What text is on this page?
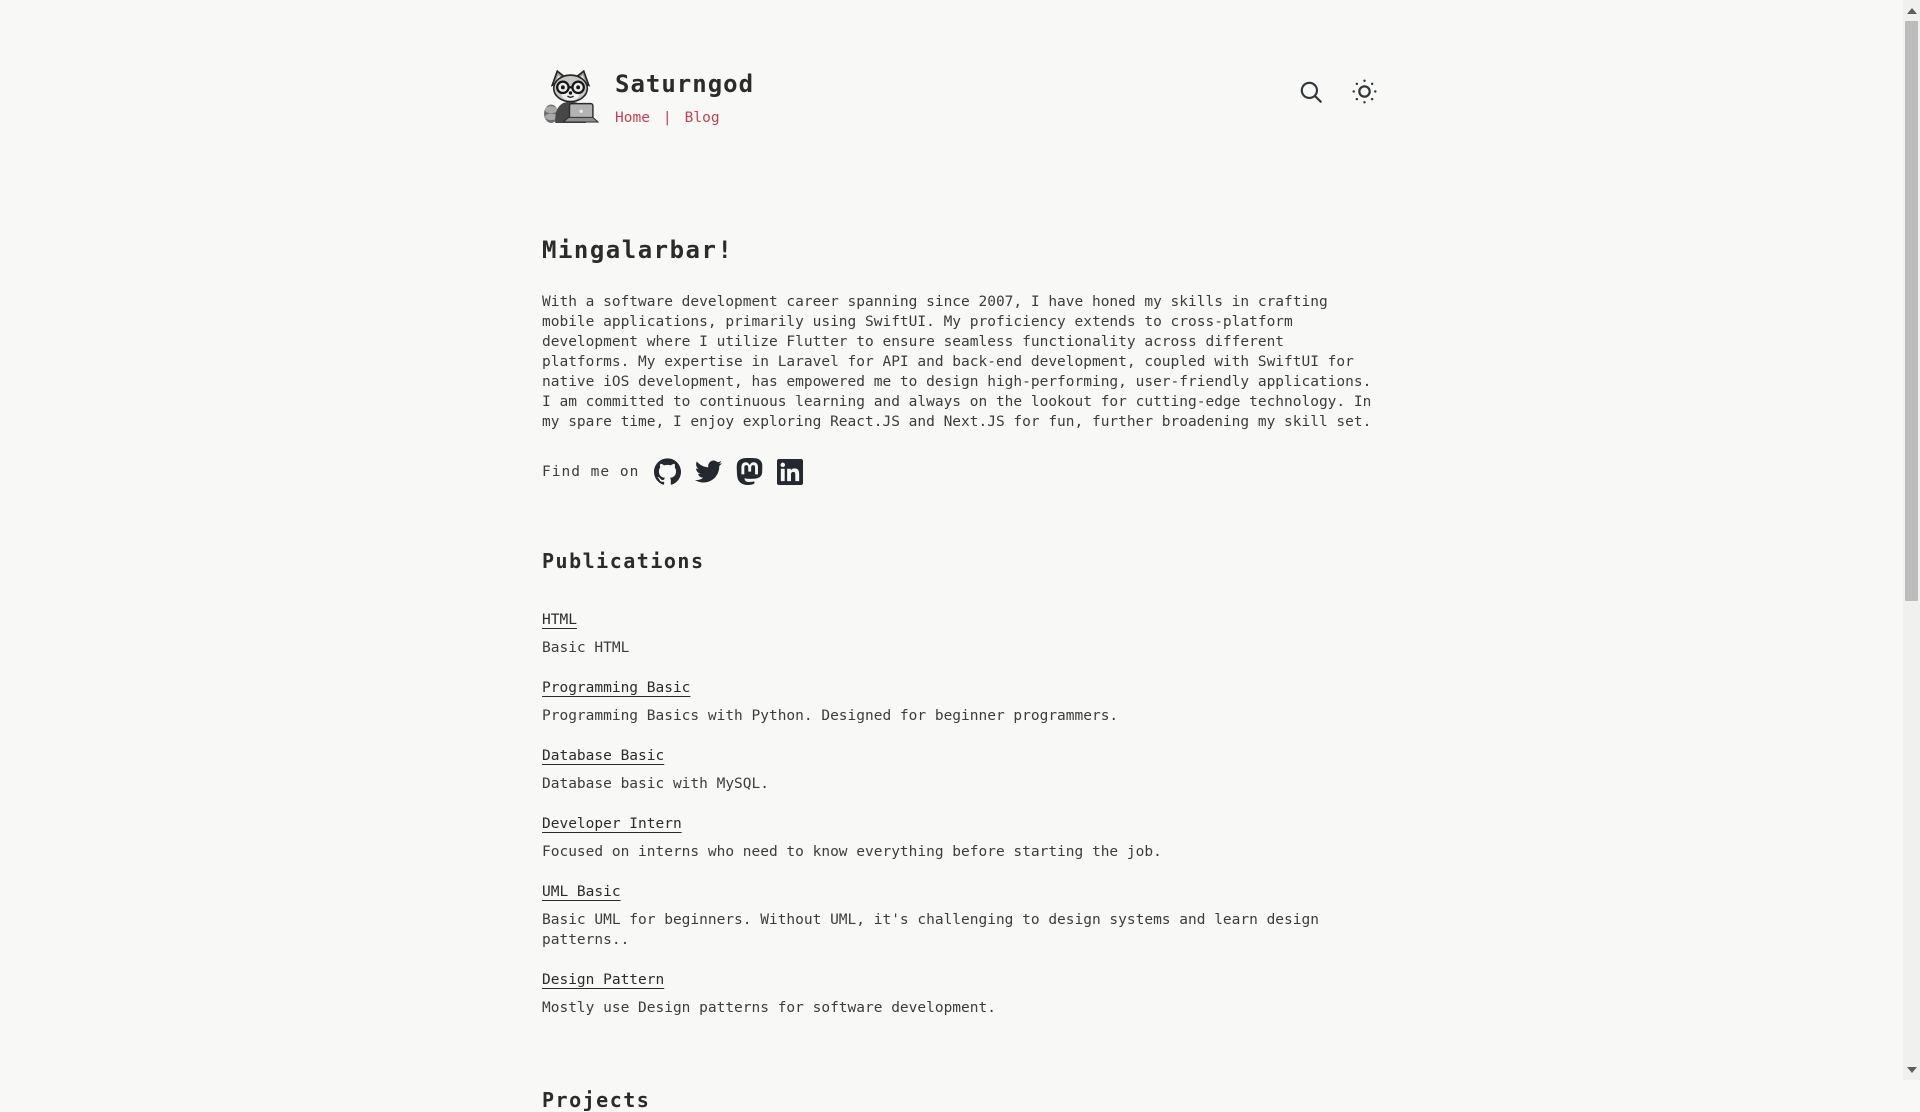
Saturngod
Home | Blog
Mingalarbar!

With a software development career spanning since 2007, I have honed my skills in crafting mobile applications, primarily using SwiftUI. My proficiency extends to cross-platform development where I utilize Flutter to ensure seamless functionality across different platforms. My expertise in Laravel for API and back-end development, coupled with SwiftUI for native iOS development, has empowered me to design high-performing, user-friendly applications. I am committed to continuous learning and always on the lookout for cutting-edge technology. In my spare time, I enjoy exploring React.JS and Next.JS for fun, further broadening my skill set.

Find me on
Publications
HTML
Basic HTML
Programming Basic
Programming Basics with Python. Designed for beginner programmers.
Database Basic
Database basic with MySQL.
Developer Intern
Focused on interns who need to know everything before starting the job.
UML Basic
Basic UML for beginners. Without UML, it's challenging to design systems and learn design patterns..
Design Pattern
Mostly use Design patterns for software development.
Projects
